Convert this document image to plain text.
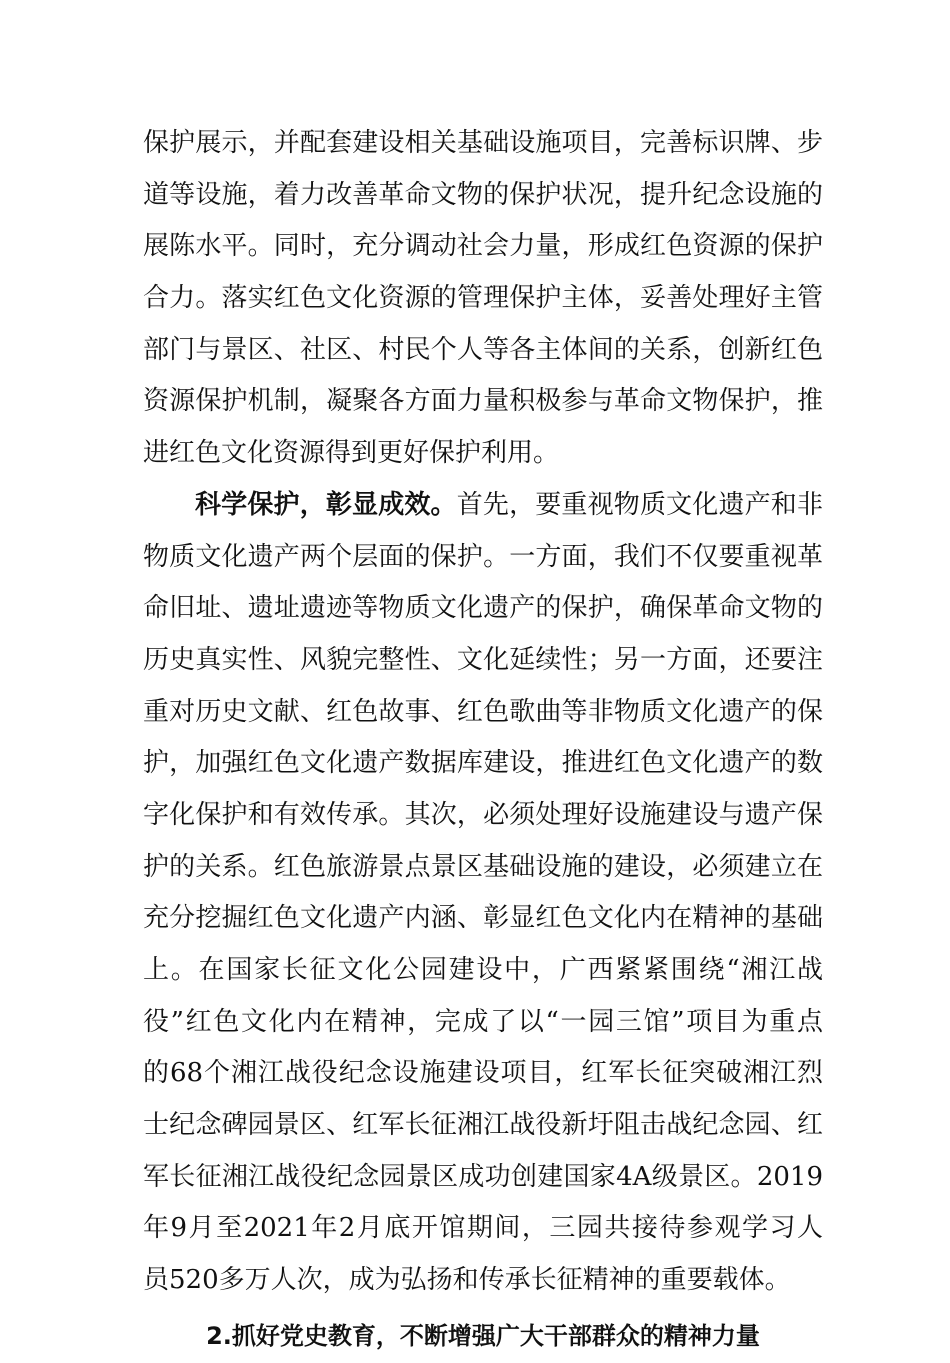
保护展示，并配套建设相关基础设施项目，完善标识牌、步
道等设施，着力改善革命文物的保护状况，提升纪念设施的
展陈水平。同时，充分调动社会力量，形成红色资源的保护
合力。落实红色文化资源的管理保护主体，妥善处理好主管
部门与景区、社区、村民个人等各主体间的关系，创新红色
资源保护机制，凝聚各方面力量积极参与革命文物保护，推
进红色文化资源得到更好保护利用。
科学保护，彰显成效。首先，要重视物质文化遗产和非
物质文化遗产两个层面的保护。一方面，我们不仅要重视革
命旧址、遗址遗迹等物质文化遗产的保护，确保革命文物的
历史真实性、风貌完整性、文化延续性；另一方面，还要注
重对历史文献、红色故事、红色歌曲等非物质文化遗产的保
护，加强红色文化遗产数据库建设，推进红色文化遗产的数
字化保护和有效传承。其次，必须处理好设施建设与遗产保
护的关系。红色旅游景点景区基础设施的建设，必须建立在
充分挖掘红色文化遗产内涵、彰显红色文化内在精神的基础
上。在国家长征文化公园建设中，广西紧紧围绕“湘江战
役”红色文化内在精神，完成了以“一园三馆”项目为重点
的68个湘江战役纪念设施建设项目，红军长征突破湘江烈
士纪念碑园景区、红军长征湘江战役新圩阻击战纪念园、红
军长征湘江战役纪念园景区成功创建国家4A级景区。2019
年9月至2021年2月底开馆期间，三园共接待参观学习人
员520多万人次，成为弘扬和传承长征精神的重要载体。
2.抓好党史教育，不断增强广大干部群众的精神力量
